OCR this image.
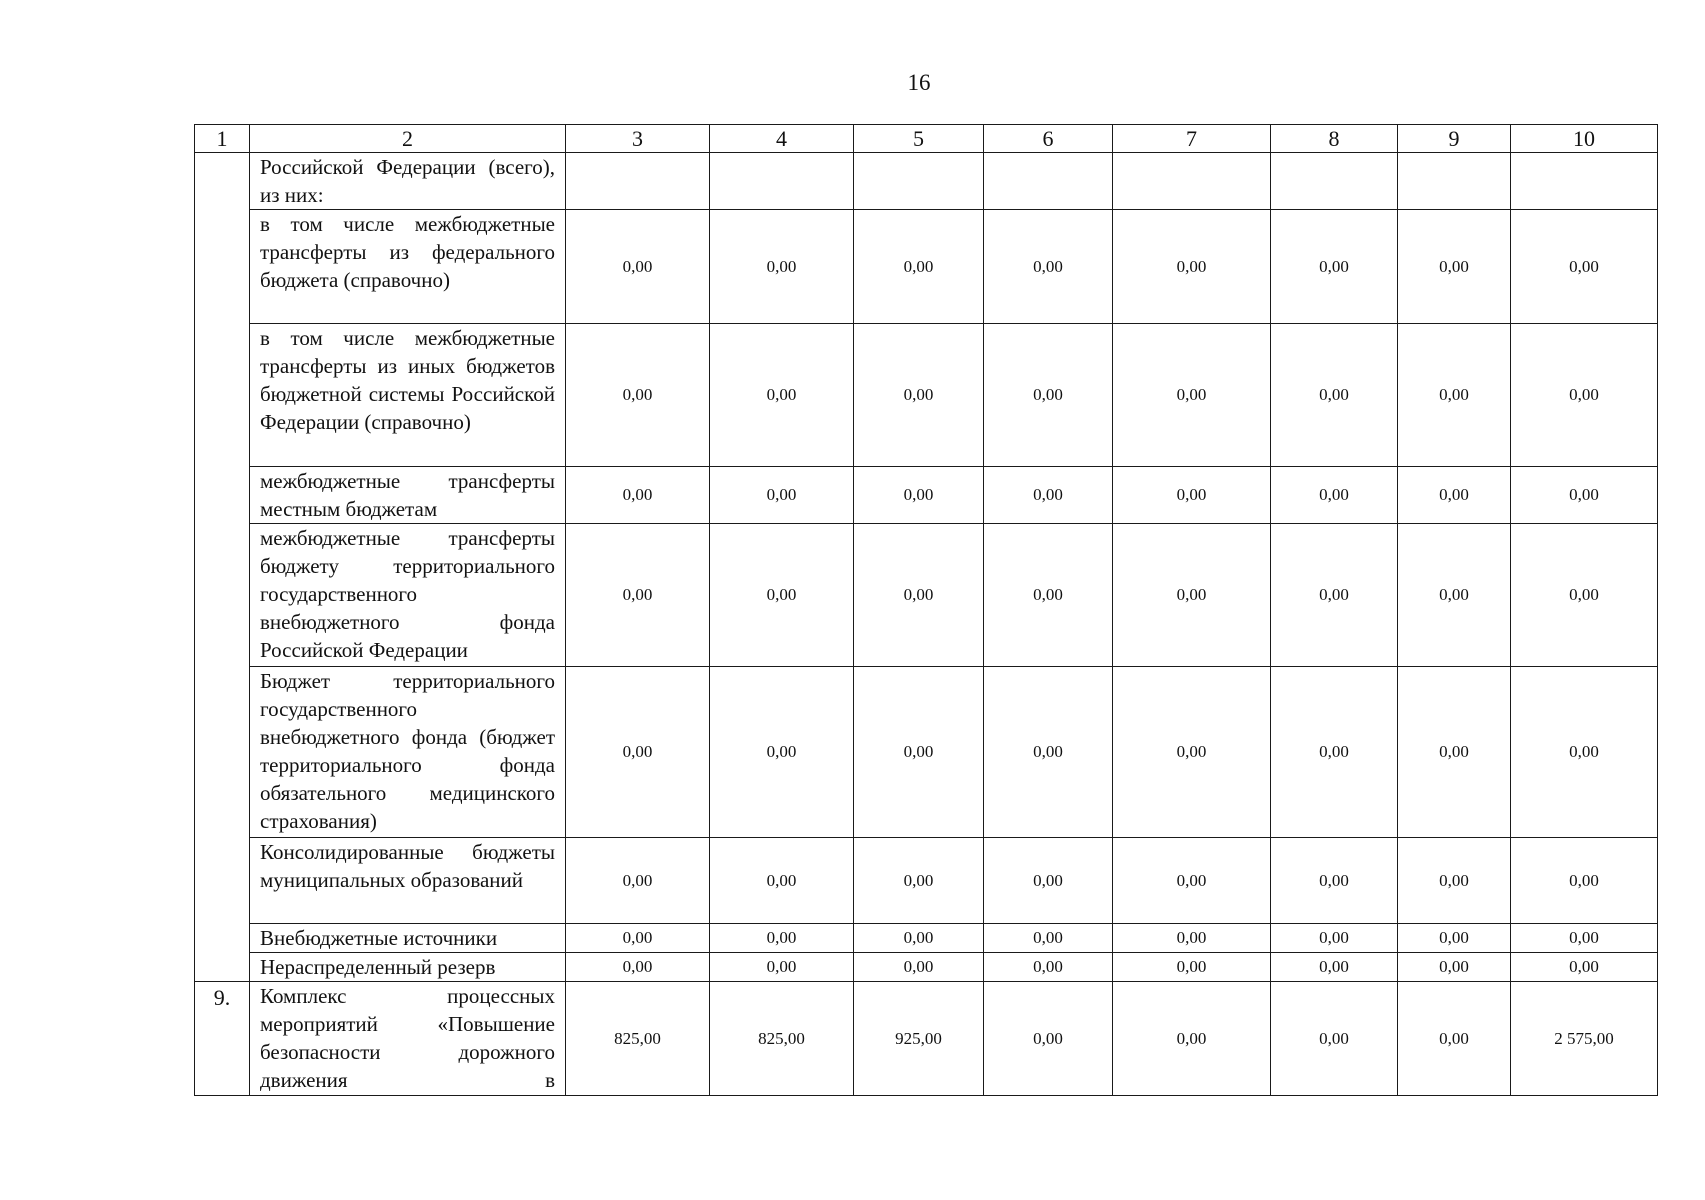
16
1	2	3	4	5	6	7	8	9	10
	Российской Федерации (всего), из них:								
	в том числе межбюджетные трансферты из федерального бюджета (справочно)	0,00	0,00	0,00	0,00	0,00	0,00	0,00	0,00
	в том числе межбюджетные трансферты из иных бюджетов бюджетной системы Российской Федерации (справочно)	0,00	0,00	0,00	0,00	0,00	0,00	0,00	0,00
	межбюджетные трансферты местным бюджетам	0,00	0,00	0,00	0,00	0,00	0,00	0,00	0,00
	межбюджетные трансферты бюджету территориального государственного внебюджетного фонда Российской Федерации	0,00	0,00	0,00	0,00	0,00	0,00	0,00	0,00
	Бюджет территориального государственного внебюджетного фонда (бюджет территориального фонда обязательного медицинского страхования)	0,00	0,00	0,00	0,00	0,00	0,00	0,00	0,00
	Консолидированные бюджеты муниципальных образований	0,00	0,00	0,00	0,00	0,00	0,00	0,00	0,00
	Внебюджетные источники	0,00	0,00	0,00	0,00	0,00	0,00	0,00	0,00
	Нераспределенный резерв	0,00	0,00	0,00	0,00	0,00	0,00	0,00	0,00
9.	Комплекс процессных мероприятий «Повышение безопасности дорожного движения в	825,00	825,00	925,00	0,00	0,00	0,00	0,00	2 575,00
